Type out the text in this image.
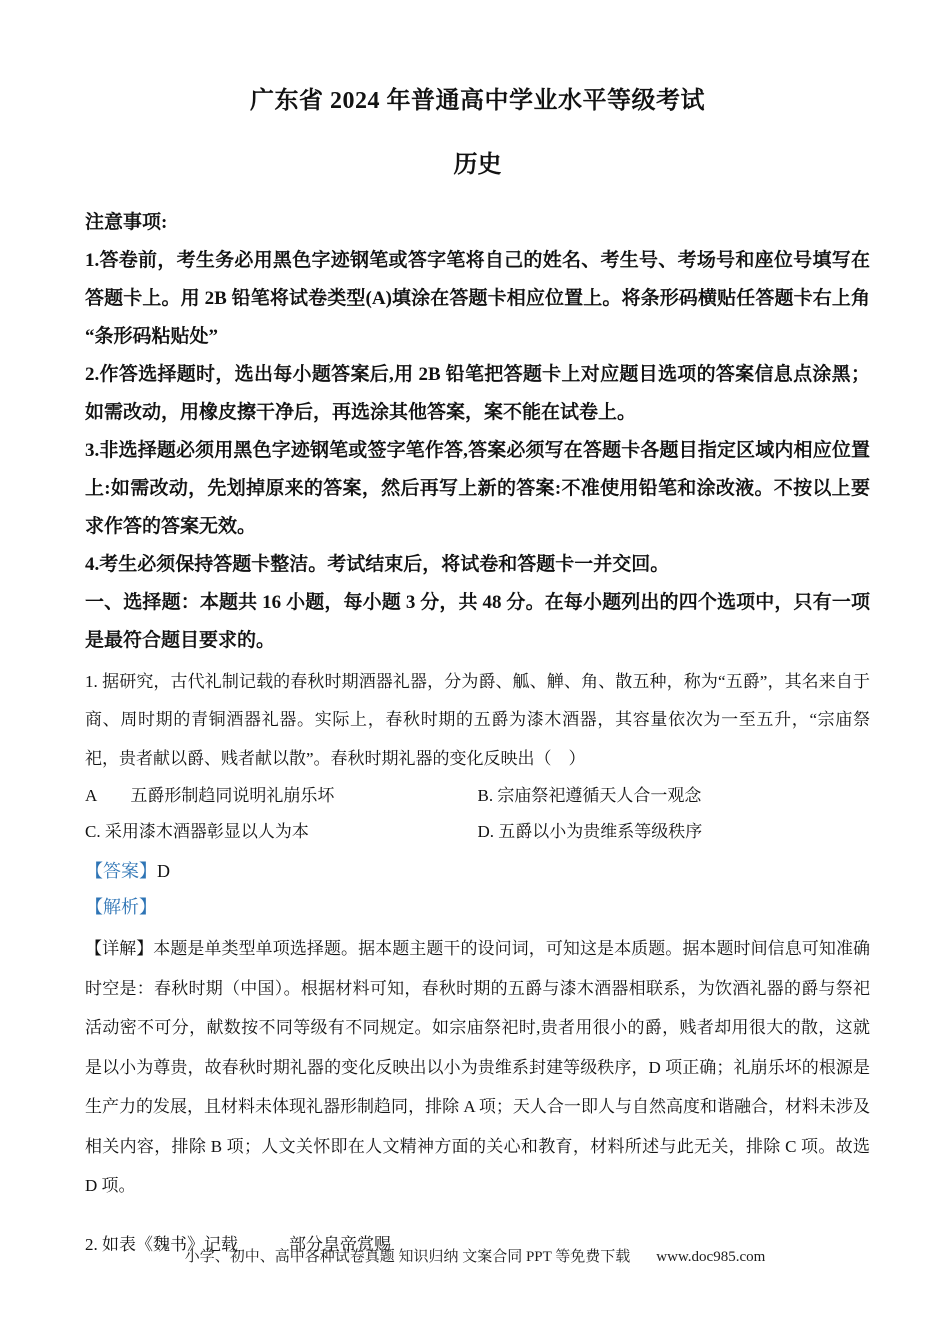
广东省 2024 年普通高中学业水平等级考试
历史

注意事项:

1.答卷前，考生务必用黑色字迹钢笔或答字笔将自己的姓名、考生号、考场号和座位号填写在答题卡上。用 2B 铅笔将试卷类型(A)填涂在答题卡相应位置上。将条形码横贴任答题卡右上角“条形码粘贴处”

2.作答选择题时，选出每小题答案后,用 2B 铅笔把答题卡上对应题目选项的答案信息点涂黑；如需改动，用橡皮擦干净后，再选涂其他答案，案不能在试卷上。

3.非选择题必须用黑色字迹钢笔或签字笔作答,答案必须写在答题卡各题目指定区域内相应位置上:如需改动，先划掉原来的答案，然后再写上新的答案:不准使用铅笔和涂改液。不按以上要求作答的答案无效。

4.考生必须保持答题卡整洁。考试结束后，将试卷和答题卡一并交回。

一、选择题：本题共 16 小题，每小题 3 分，共 48 分。在每小题列出的四个选项中，只有一项是最符合题目要求的。

1. 据研究，古代礼制记载的春秋时期酒器礼器，分为爵、觚、觯、角、散五种，称为“五爵”，其名来自于商、周时期的青铜酒器礼器。实际上，春秋时期的五爵为漆木酒器，其容量依次为一至五升，“宗庙祭祀，贵者献以爵、贱者献以散”。春秋时期礼器的变化反映出（　）

A　　五爵形制趋同说明礼崩乐坏	B. 宗庙祭祀遵循天人合一观念
C. 采用漆木酒器彰显以人为本	D. 五爵以小为贵维系等级秩序

【答案】D

【解析】

【详解】本题是单类型单项选择题。据本题主题干的设问词，可知这是本质题。据本题时间信息可知准确时空是：春秋时期（中国）。根据材料可知，春秋时期的五爵与漆木酒器相联系，为饮酒礼器的爵与祭祀活动密不可分，献数按不同等级有不同规定。如宗庙祭祀时,贵者用很小的爵，贱者却用很大的散，这就是以小为尊贵，故春秋时期礼器的变化反映出以小为贵维系封建等级秩序，D 项正确；礼崩乐坏的根源是生产力的发展，且材料未体现礼器形制趋同，排除 A 项；天人合一即人与自然高度和谐融合，材料未涉及相关内容，排除 B 项；人文关怀即在人文精神方面的关心和教育，材料所述与此无关，排除 C 项。故选 D 项。

2. 如表《魏书》记载　　　部分皇帝赏赐

小学、初中、高中各种试卷真题 知识归纳 文案合同 PPT 等免费下载 www.doc985.com
